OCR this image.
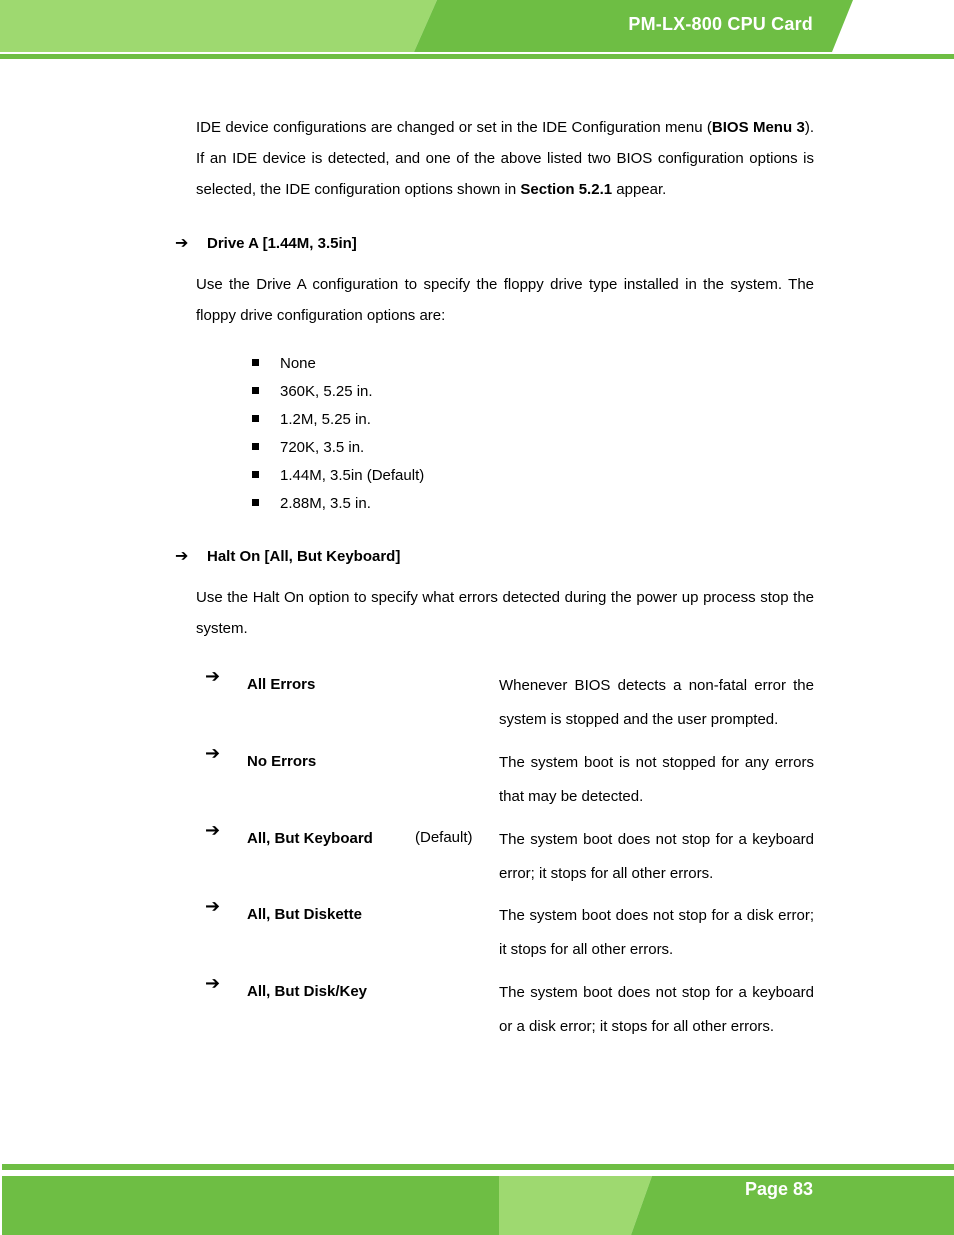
PM-LX-800 CPU Card

IDE device configurations are changed or set in the IDE Configuration menu (BIOS Menu 3). If an IDE device is detected, and one of the above listed two BIOS configuration options is selected, the IDE configuration options shown in Section 5.2.1 appear.

➔ Drive A [1.44M, 3.5in]

Use the Drive A configuration to specify the floppy drive type installed in the system. The floppy drive configuration options are:

None
360K, 5.25 in.
1.2M, 5.25 in.
720K, 3.5 in.
1.44M, 3.5in (Default)
2.88M, 3.5 in.
➔ Halt On [All, But Keyboard]

Use the Halt On option to specify what errors detected during the power up process stop the system.

➔ All Errors	Whenever BIOS detects a non-fatal error the system is stopped and the user prompted.

➔ No Errors	The system boot is not stopped for any errors that may be detected.

➔ All, But Keyboard	(Default) The system boot does not stop for a keyboard error; it stops for all other errors.

➔ All, But Diskette	The system boot does not stop for a disk error; it stops for all other errors.

➔ All, But Disk/Key	The system boot does not stop for a keyboard or a disk error; it stops for all other errors.

Page 83
